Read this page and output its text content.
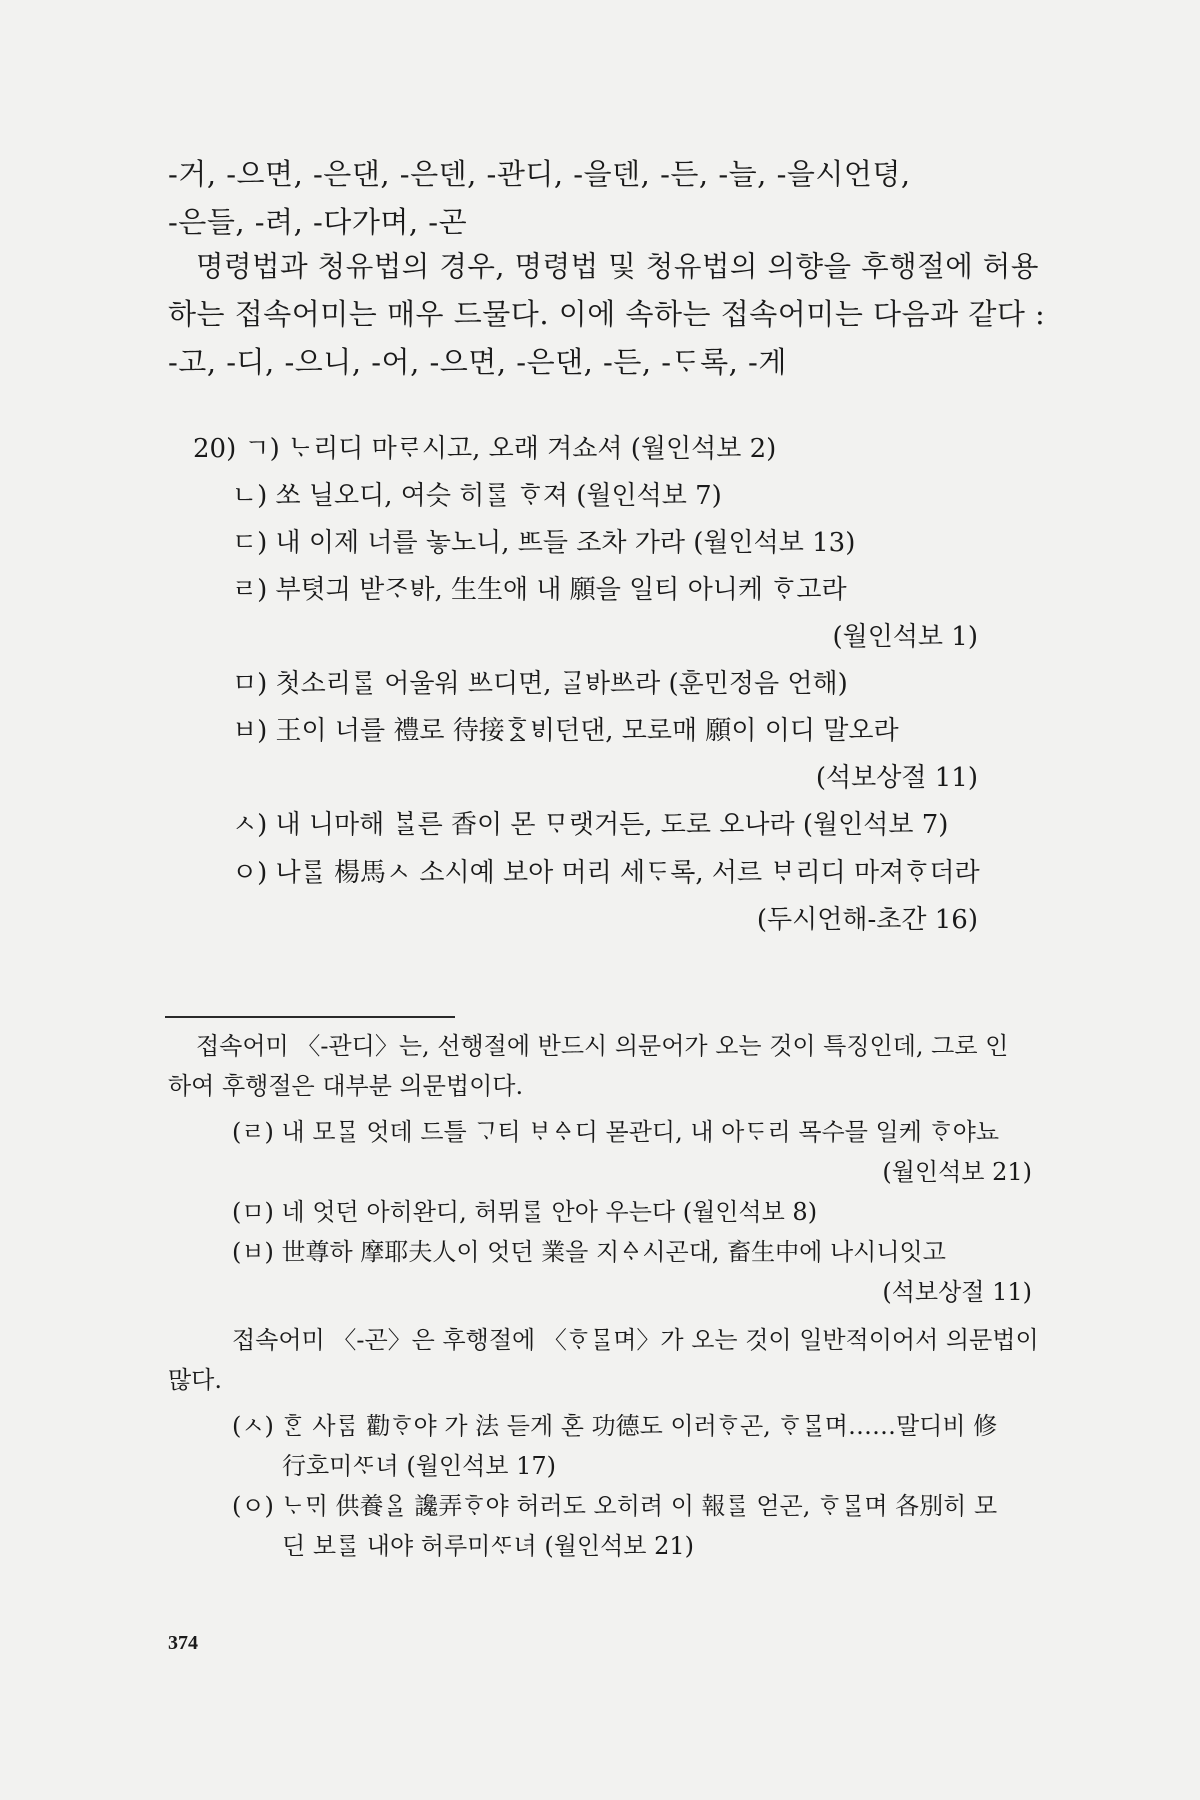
-거, -으면, -은댄, -은덴, -관디, -을덴, -든, -늘, -을시언뎡,
-은들, -려, -다가며, -곤
명령법과 청유법의 경우, 명령법 및 청유법의 의향을 후행절에 허용
하는 접속어미는 매우 드물다. 이에 속하는 접속어미는 다음과 같다 :
-고, -디, -으니, -어, -으면, -은댄, -든, -ᄃᆞ록, -게
20) ㄱ) ᄂᆞ리디 마ᄅᆞ시고, 오래 겨쇼셔 (월인석보 2)
ㄴ) 쏘 닐오디, 여슷 히ᄅᆞᆯ ᄒᆞ져 (월인석보 7)
ㄷ) 내 이제 너를 놓노니, ᄠᅳ들 조차 가라 (월인석보 13)
ㄹ) 부텻긔 받ᄌᆞᄫᅡ, 生生애 내 願을 일티 아니케 ᄒᆞ고라
(월인석보 1)
ㅁ) 첫소리ᄅᆞᆯ 어울워 ᄡᅳ디면, ᄀᆞᆯᄫᅡᄡᅳ라 (훈민정음 언해)
ㅂ) 王이 너를 禮로 待接ᄒᆞᇫᄫᅵ던댄, 모로매 願이 이디 말오라
(석보상절 11)
ㅅ) 내 니마해 ᄇᆞᆯ른 香이 몬 ᄆᆞ랫거든, 도로 오나라 (월인석보 7)
ㅇ) 나ᄅᆞᆯ 楊馬ㅅ 소시예 보아 머리 세ᄃᆞ록, 서르 ᄇᆞ리디 마져ᄒᆞ더라
(두시언해-초간 16)
접속어미 〈-관디〉는, 선행절에 반드시 의문어가 오는 것이 특징인데, 그로 인
하여 후행절은 대부분 의문법이다.
(ㄹ) 내 모ᄆᆞᆯ 엇데 드틀 ᄀᆞ티 ᄇᆞᅀᆞ디 몯관디, 내 아ᄃᆞ리 목수믈 일케 ᄒᆞ야뇨
(월인석보 21)
(ㅁ) 네 엇던 아히완디, 허뮈ᄅᆞᆯ 안아 우는다 (월인석보 8)
(ㅂ) 世尊하 摩耶夫人이 엇던 業을 지ᅀᆞ시곤대, 畜生中에 나시니잇고
(석보상절 11)
접속어미 〈-곤〉은 후행절에 〈ᄒᆞᄆᆞᆯ며〉가 오는 것이 일반적이어서 의문법이
많다.
(ㅅ) ᄒᆞᆫ 사ᄅᆞᆷ 勸ᄒᆞ야 가 法 듣게 혼 功德도 이러ᄒᆞ곤, ᄒᆞᄆᆞᆯ며……말디비 修
行호미ᄯᆞ녀 (월인석보 17)
(ㅇ) ᄂᆞᄆᆡ 供養ᄋᆞᆯ 讒弄ᄒᆞ야 허러도 오히려 이 報ᄅᆞᆯ 얻곤, ᄒᆞᄆᆞᆯ며 各別히 모
딘 보ᄅᆞᆯ 내야 허루미ᄯᆞ녀 (월인석보 21)
374
